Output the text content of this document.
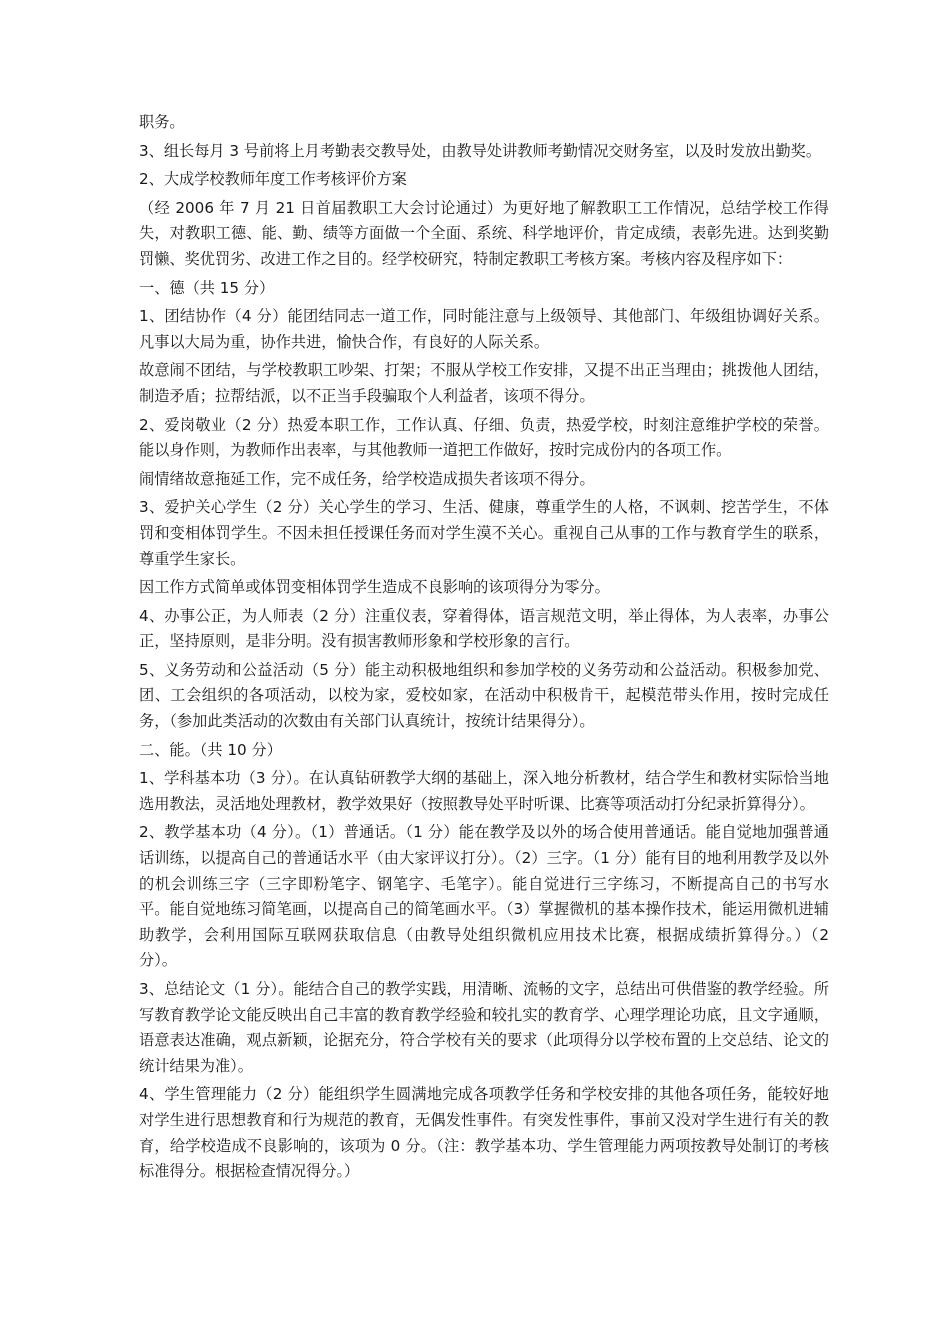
职务。

3、组长每月 3 号前将上月考勤表交教导处，由教导处讲教师考勤情况交财务室，以及时发放出勤奖。

2、大成学校教师年度工作考核评价方案

（经 2006 年 7 月 21 日首届教职工大会讨论通过）为更好地了解教职工工作情况，总结学校工作得失，对教职工德、能、勤、绩等方面做一个全面、系统、科学地评价，肯定成绩，表彰先进。达到奖勤罚懒、奖优罚劣、改进工作之目的。经学校研究，特制定教职工考核方案。考核内容及程序如下：

一、德（共 15 分）

1、团结协作（4 分）能团结同志一道工作，同时能注意与上级领导、其他部门、年级组协调好关系。凡事以大局为重，协作共进，愉快合作，有良好的人际关系。

故意闹不团结，与学校教职工吵架、打架；不服从学校工作安排，又提不出正当理由；挑拨他人团结，制造矛盾；拉帮结派，以不正当手段骗取个人利益者，该项不得分。

2、爱岗敬业（2 分）热爱本职工作，工作认真、仔细、负责，热爱学校，时刻注意维护学校的荣誉。能以身作则，为教师作出表率，与其他教师一道把工作做好，按时完成份内的各项工作。

闹情绪故意拖延工作，完不成任务，给学校造成损失者该项不得分。

3、爱护关心学生（2 分）关心学生的学习、生活、健康，尊重学生的人格，不讽刺、挖苦学生，不体罚和变相体罚学生。不因未担任授课任务而对学生漠不关心。重视自己从事的工作与教育学生的联系，尊重学生家长。

因工作方式简单或体罚变相体罚学生造成不良影响的该项得分为零分。

4、办事公正，为人师表（2 分）注重仪表，穿着得体，语言规范文明，举止得体，为人表率，办事公正，坚持原则，是非分明。没有损害教师形象和学校形象的言行。

5、义务劳动和公益活动（5 分）能主动积极地组织和参加学校的义务劳动和公益活动。积极参加党、团、工会组织的各项活动，以校为家，爱校如家，在活动中积极肯干，起模范带头作用，按时完成任务，（参加此类活动的次数由有关部门认真统计，按统计结果得分）。

二、能。（共 10 分）

1、学科基本功（3 分）。在认真钻研教学大纲的基础上，深入地分析教材，结合学生和教材实际恰当地选用教法，灵活地处理教材，教学效果好（按照教导处平时听课、比赛等项活动打分纪录折算得分）。

2、教学基本功（4 分）。（1）普通话。（1 分）能在教学及以外的场合使用普通话。能自觉地加强普通话训练，以提高自己的普通话水平（由大家评议打分）。（2）三字。（1 分）能有目的地利用教学及以外的机会训练三字（三字即粉笔字、钢笔字、毛笔字）。能自觉进行三字练习，不断提高自己的书写水平。能自觉地练习简笔画，以提高自己的简笔画水平。（3）掌握微机的基本操作技术，能运用微机进辅助教学，会利用国际互联网获取信息（由教导处组织微机应用技术比赛，根据成绩折算得分。）（2 分）。

3、总结论文（1 分）。能结合自己的教学实践，用清晰、流畅的文字，总结出可供借鉴的教学经验。所写教育教学论文能反映出自己丰富的教育教学经验和较扎实的教育学、心理学理论功底，且文字通顺，语意表达准确，观点新颖，论据充分，符合学校有关的要求（此项得分以学校布置的上交总结、论文的统计结果为准）。

4、学生管理能力（2 分）能组织学生圆满地完成各项教学任务和学校安排的其他各项任务，能较好地对学生进行思想教育和行为规范的教育，无偶发性事件。有突发性事件，事前又没对学生进行有关的教育，给学校造成不良影响的，该项为 0 分。（注：教学基本功、学生管理能力两项按教导处制订的考核标准得分。根据检查情况得分。）
